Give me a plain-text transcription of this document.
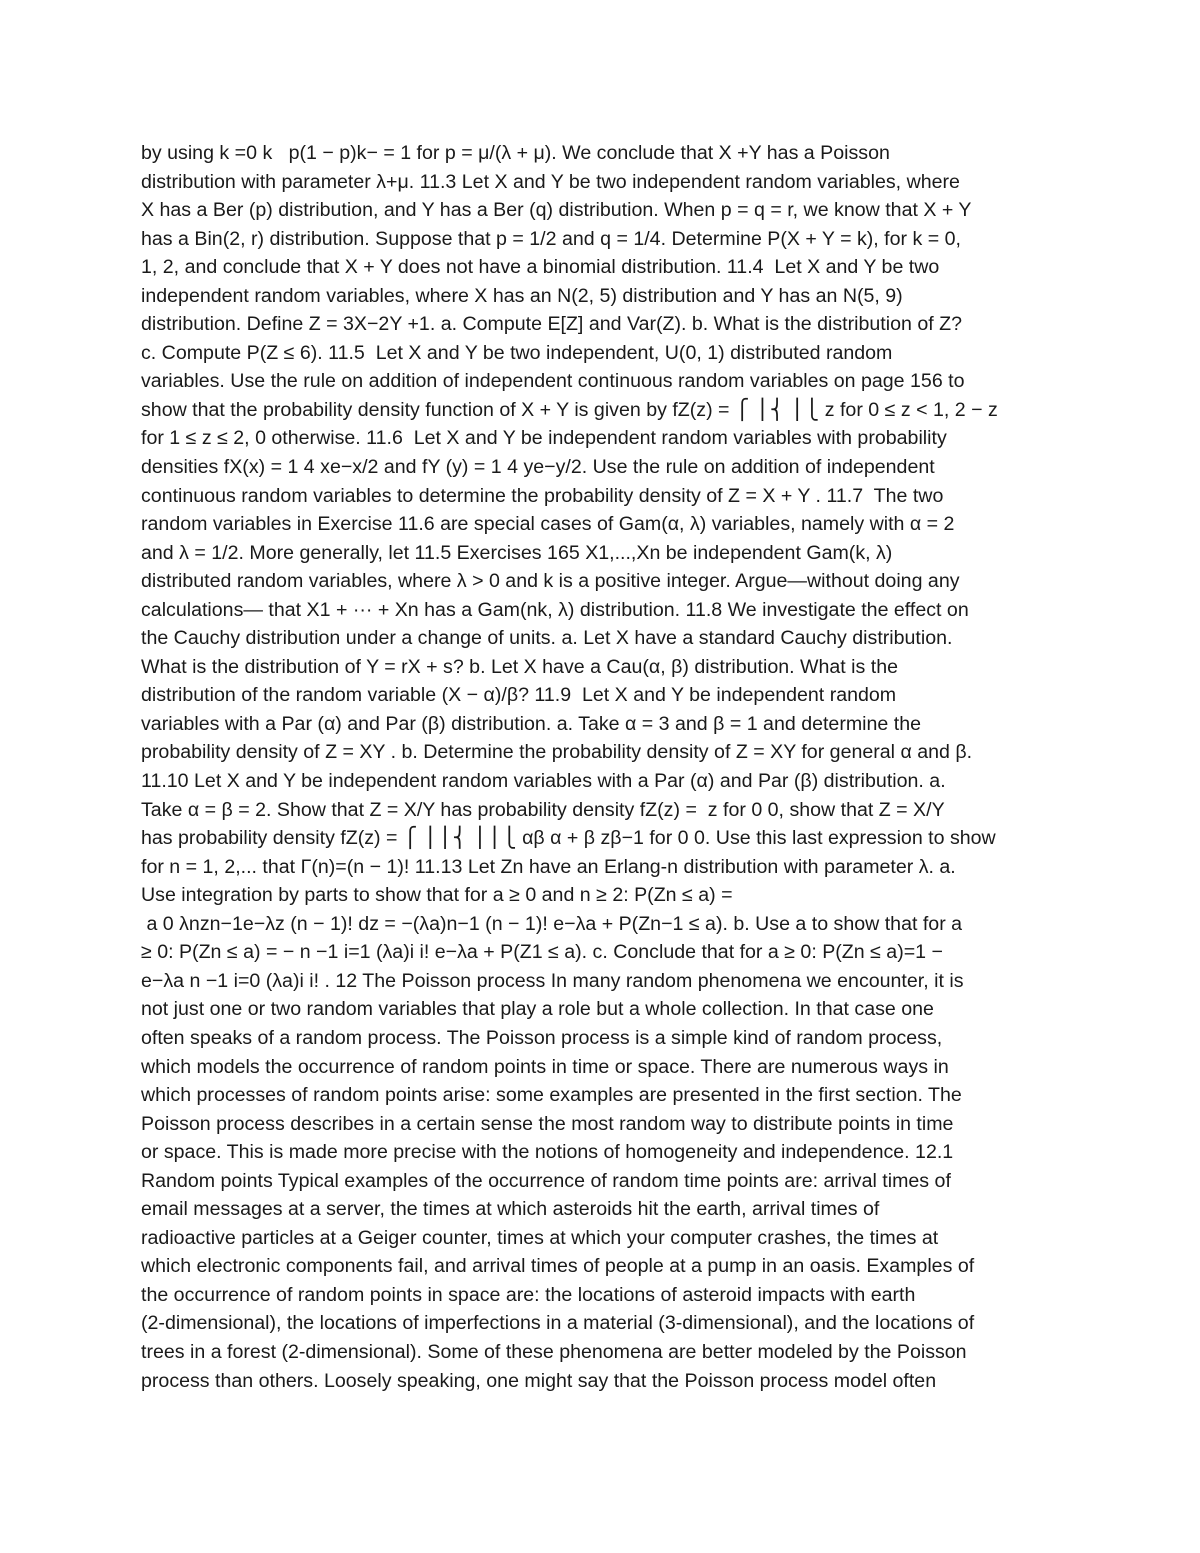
by using k =0 k   p(1 − p)k− = 1 for p = μ/(λ + μ). We conclude that X +Y has a Poisson
distribution with parameter λ+μ. 11.3 Let X and Y be two independent random variables, where
X has a Ber (p) distribution, and Y has a Ber (q) distribution. When p = q = r, we know that X + Y
has a Bin(2, r) distribution. Suppose that p = 1/2 and q = 1/4. Determine P(X + Y = k), for k = 0,
1, 2, and conclude that X + Y does not have a binomial distribution. 11.4  Let X and Y be two
independent random variables, where X has an N(2, 5) distribution and Y has an N(5, 9)
distribution. Define Z = 3X−2Y +1. a. Compute E[Z] and Var(Z). b. What is the distribution of Z?
c. Compute P(Z ≤ 6). 11.5  Let X and Y be two independent, U(0, 1) distributed random
variables. Use the rule on addition of independent continuous random variables on page 156 to
show that the probability density function of X + Y is given by fZ(z) = ⎧ ⎪⎨ ⎪⎩ z for 0 ≤ z < 1, 2 − z
for 1 ≤ z ≤ 2, 0 otherwise. 11.6  Let X and Y be independent random variables with probability
densities fX(x) = 1 4 xe−x/2 and fY (y) = 1 4 ye−y/2. Use the rule on addition of independent
continuous random variables to determine the probability density of Z = X + Y . 11.7  The two
random variables in Exercise 11.6 are special cases of Gam(α, λ) variables, namely with α = 2
and λ = 1/2. More generally, let 11.5 Exercises 165 X1,...,Xn be independent Gam(k, λ)
distributed random variables, where λ > 0 and k is a positive integer. Argue—without doing any
calculations— that X1 + ··· + Xn has a Gam(nk, λ) distribution. 11.8 We investigate the effect on
the Cauchy distribution under a change of units. a. Let X have a standard Cauchy distribution.
What is the distribution of Y = rX + s? b. Let X have a Cau(α, β) distribution. What is the
distribution of the random variable (X − α)/β? 11.9  Let X and Y be independent random
variables with a Par (α) and Par (β) distribution. a. Take α = 3 and β = 1 and determine the
probability density of Z = XY . b. Determine the probability density of Z = XY for general α and β.
11.10 Let X and Y be independent random variables with a Par (α) and Par (β) distribution. a.
Take α = β = 2. Show that Z = X/Y has probability density fZ(z) =  z for 0 0, show that Z = X/Y
has probability density fZ(z) = ⎧ ⎪⎪⎨ ⎪⎪⎩ αβ α + β zβ−1 for 0 0. Use this last expression to show
for n = 1, 2,... that Γ(n)=(n − 1)! 11.13 Let Zn have an Erlang-n distribution with parameter λ. a.
Use integration by parts to show that for a ≥ 0 and n ≥ 2: P(Zn ≤ a) =
a 0 λnzn−1e−λz (n − 1)! dz = −(λa)n−1 (n − 1)! e−λa + P(Zn−1 ≤ a). b. Use a to show that for a
≥ 0: P(Zn ≤ a) = − n −1 i=1 (λa)i i! e−λa + P(Z1 ≤ a). c. Conclude that for a ≥ 0: P(Zn ≤ a)=1 −
e−λa n −1 i=0 (λa)i i! . 12 The Poisson process In many random phenomena we encounter, it is
not just one or two random variables that play a role but a whole collection. In that case one
often speaks of a random process. The Poisson process is a simple kind of random process,
which models the occurrence of random points in time or space. There are numerous ways in
which processes of random points arise: some examples are presented in the first section. The
Poisson process describes in a certain sense the most random way to distribute points in time
or space. This is made more precise with the notions of homogeneity and independence. 12.1
Random points Typical examples of the occurrence of random time points are: arrival times of
email messages at a server, the times at which asteroids hit the earth, arrival times of
radioactive particles at a Geiger counter, times at which your computer crashes, the times at
which electronic components fail, and arrival times of people at a pump in an oasis. Examples of
the occurrence of random points in space are: the locations of asteroid impacts with earth
(2-dimensional), the locations of imperfections in a material (3-dimensional), and the locations of
trees in a forest (2-dimensional). Some of these phenomena are better modeled by the Poisson
process than others. Loosely speaking, one might say that the Poisson process model often
